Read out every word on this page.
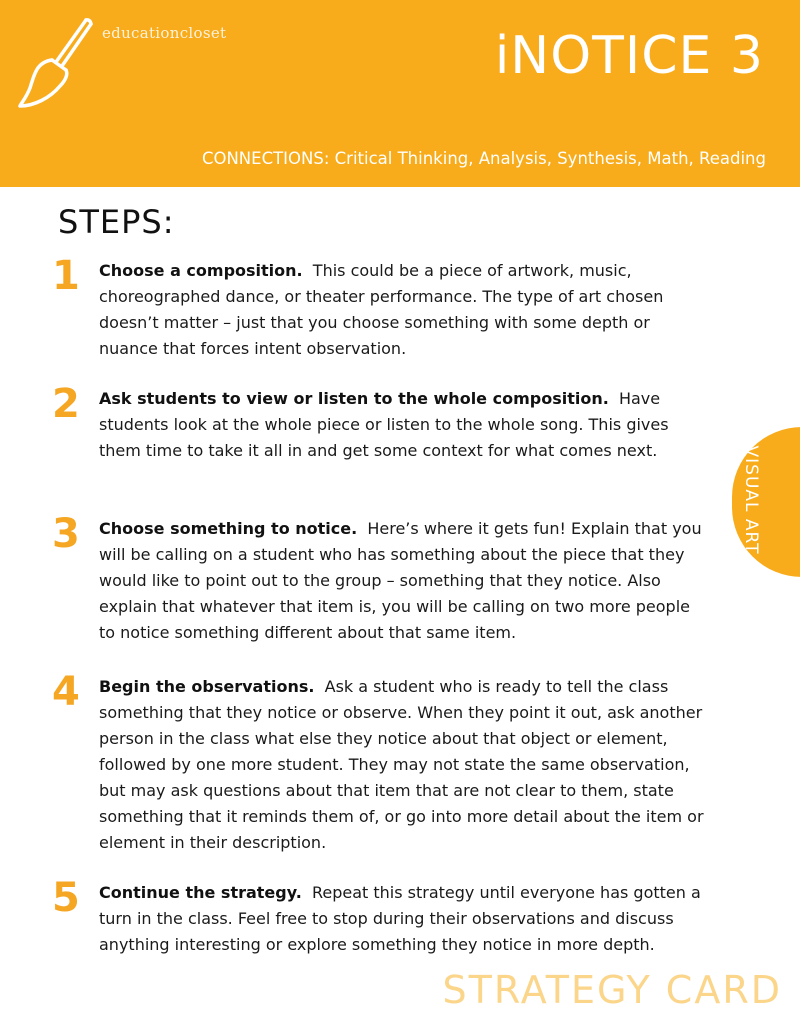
educationcloset	iNOTICE 3
CONNECTIONS: Critical Thinking, Analysis, Synthesis, Math, Reading
STEPS:
1	Choose a composition. This could be a piece of artwork, music, choreographed dance, or theater performance. The type of art chosen doesn’t matter – just that you choose something with some depth or nuance that forces intent observation.
2	Ask students to view or listen to the whole composition. Have students look at the whole piece or listen to the whole song. This gives them time to take it all in and get some context for what comes next.
3	Choose something to notice. Here’s where it gets fun! Explain that you will be calling on a student who has something about the piece that they would like to point out to the group – something that they notice. Also explain that whatever that item is, you will be calling on two more people to notice something different about that same item.
4	Begin the observations. Ask a student who is ready to tell the class something that they notice or observe. When they point it out, ask another person in the class what else they notice about that object or element, followed by one more student. They may not state the same observation, but may ask questions about that item that are not clear to them, state something that it reminds them of, or go into more detail about the item or element in their description.
5	Continue the strategy. Repeat this strategy until everyone has gotten a turn in the class. Feel free to stop during their observations and discuss anything interesting or explore something they notice in more depth.
VISUAL ART
STRATEGY CARD
